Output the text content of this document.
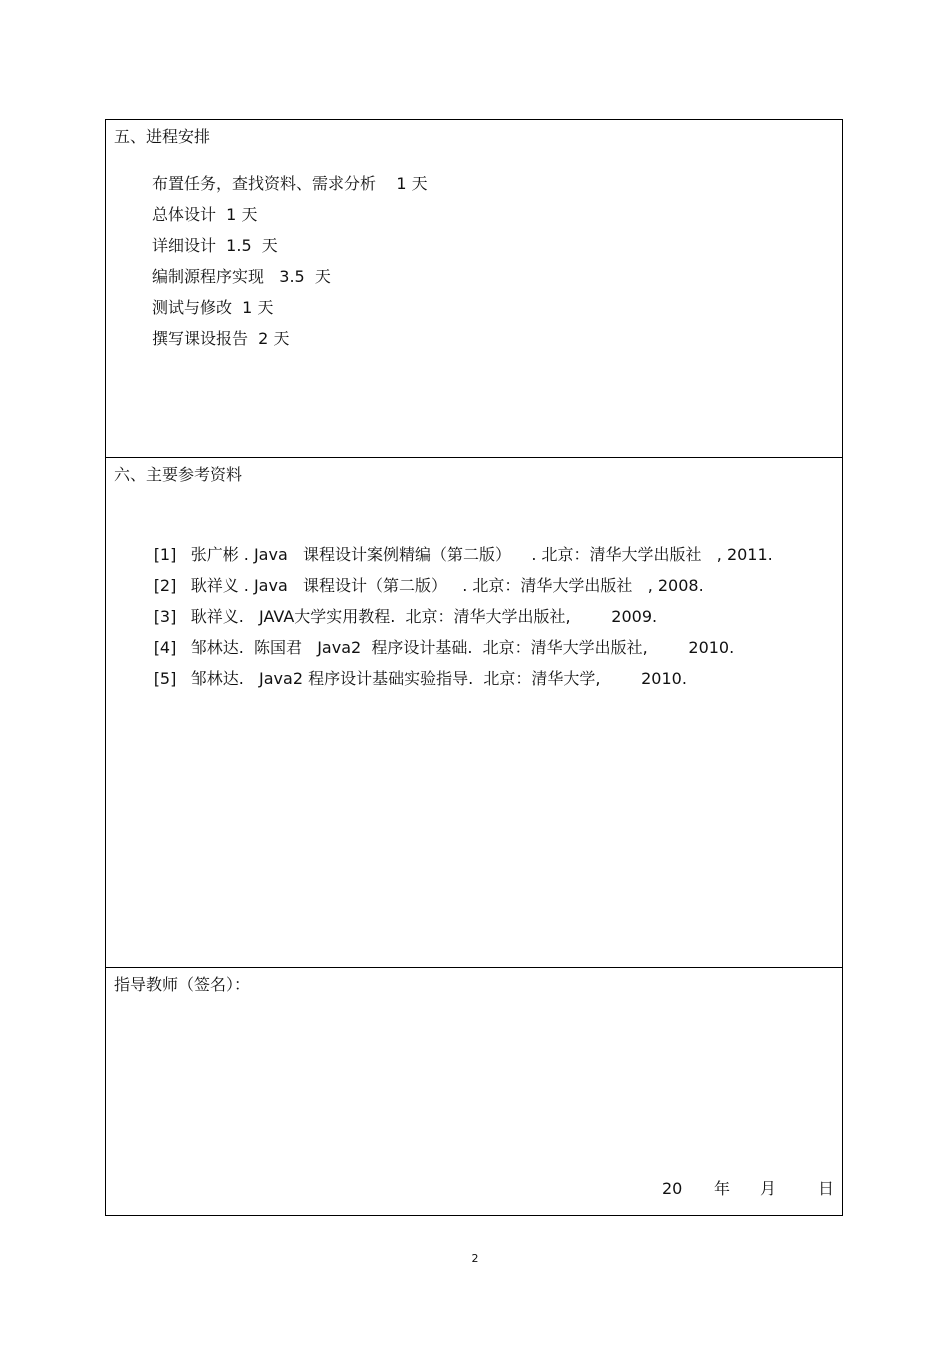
五、进程安排
布置任务，查找资料、需求分析    1 天
总体设计  1 天
详细设计  1.5  天
编制源程序实现   3.5  天
测试与修改  1 天
撰写课设报告  2 天
六、主要参考资料

[1] 张广彬 . Java   课程设计案例精编（第二版）    . 北京：清华大学出版社   , 2011.

[2] 耿祥义 . Java   课程设计（第二版）   . 北京：清华大学出版社   , 2008.

[3] 耿祥义.   JAVA大学实用教程.  北京：清华大学出版社,        2009.

[4] 邹林达.  陈国君   Java2  程序设计基础.  北京：清华大学出版社,        2010.

[5] 邹林达.   Java2 程序设计基础实验指导.  北京：清华大学,        2010.

指导教师（签名）：
20 年 月	日
2
